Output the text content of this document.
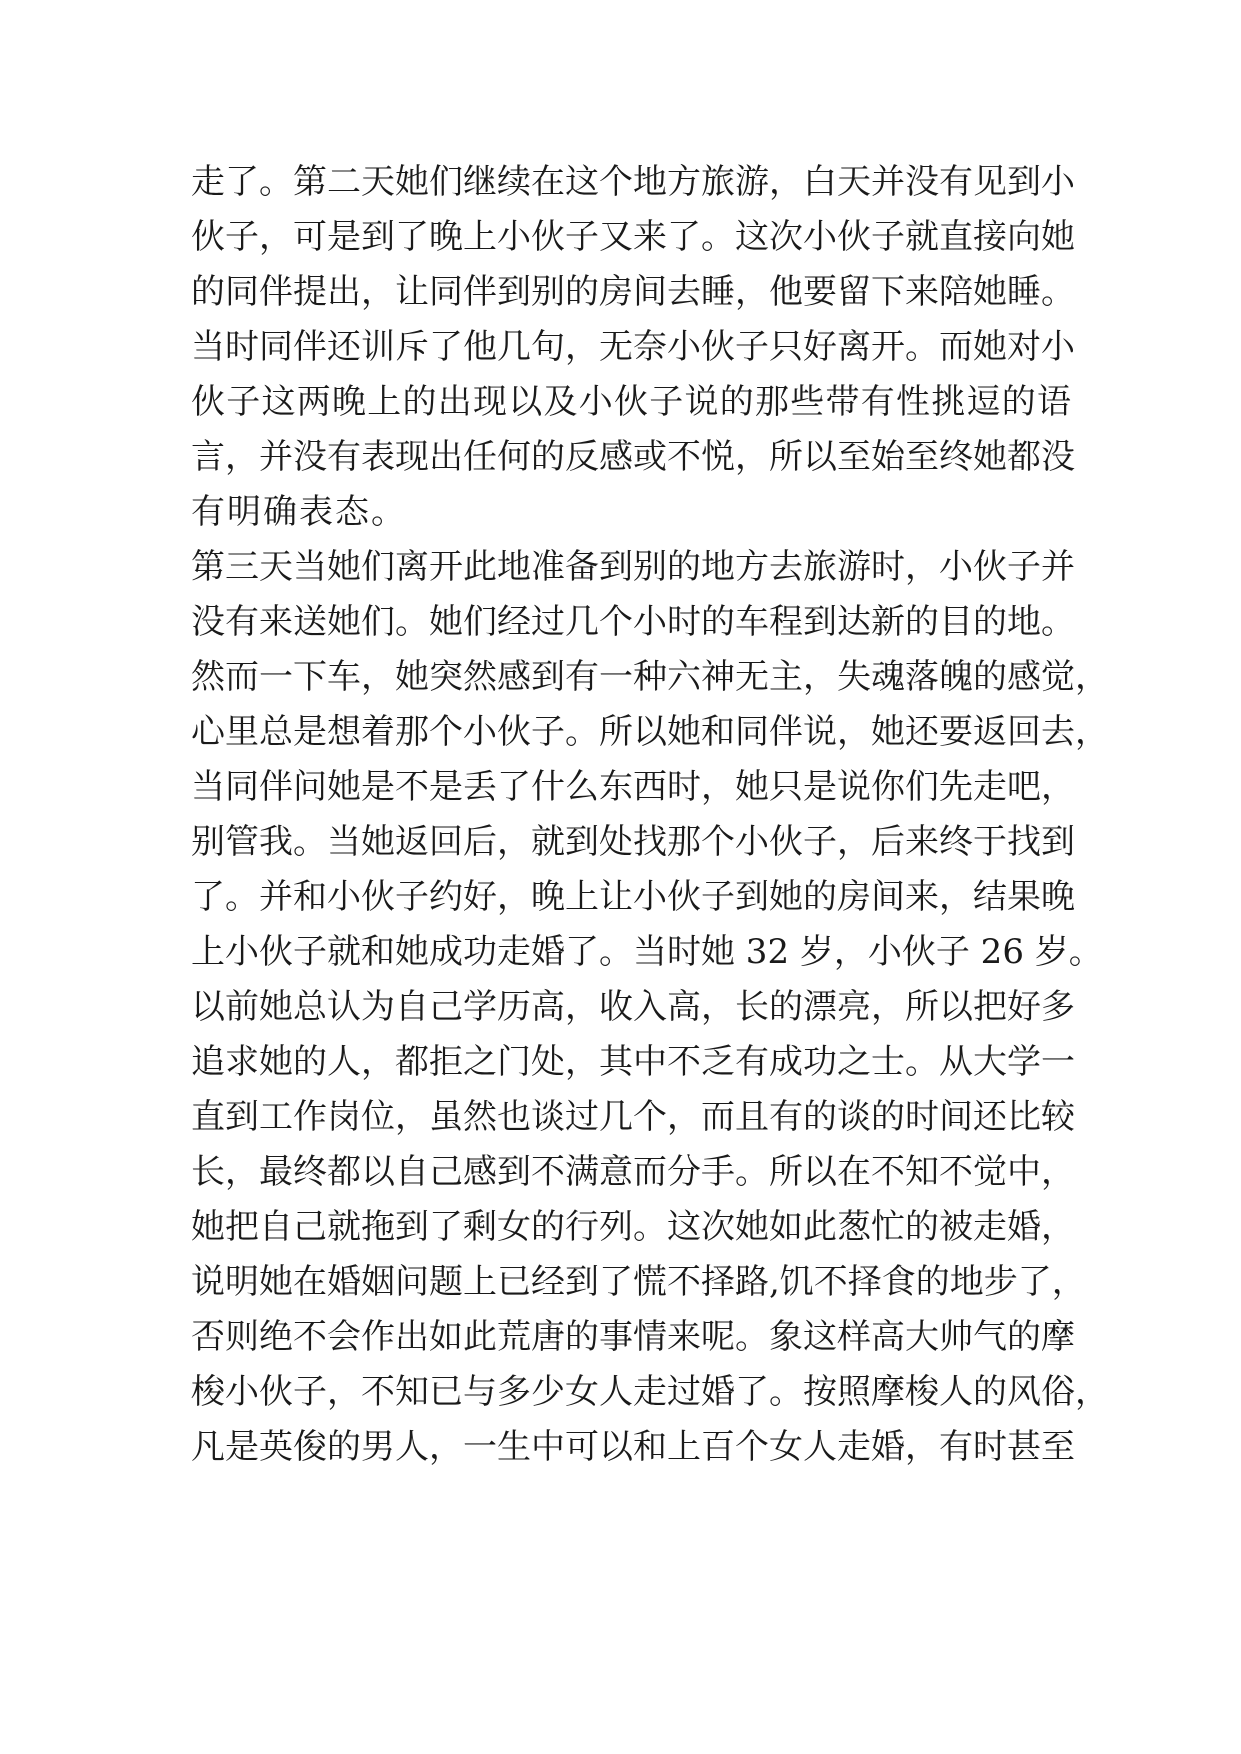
走了。第二天她们继续在这个地方旅游，白天并没有见到小
伙子，可是到了晚上小伙子又来了。这次小伙子就直接向她
的同伴提出，让同伴到别的房间去睡，他要留下来陪她睡。
当时同伴还训斥了他几句，无奈小伙子只好离开。而她对小
伙子这两晚上的出现以及小伙子说的那些带有性挑逗的语
言，并没有表现出任何的反感或不悦，所以至始至终她都没
有明确表态。
第三天当她们离开此地准备到别的地方去旅游时，小伙子并
没有来送她们。她们经过几个小时的车程到达新的目的地。
然而一下车，她突然感到有一种六神无主，失魂落魄的感觉，
心里总是想着那个小伙子。所以她和同伴说，她还要返回去，
当同伴问她是不是丢了什么东西时，她只是说你们先走吧，
别管我。当她返回后，就到处找那个小伙子，后来终于找到
了。并和小伙子约好，晚上让小伙子到她的房间来，结果晚
上小伙子就和她成功走婚了。当时她 32 岁，小伙子 26 岁。
以前她总认为自己学历高，收入高，长的漂亮，所以把好多
追求她的人，都拒之门处，其中不乏有成功之士。从大学一
直到工作岗位，虽然也谈过几个，而且有的谈的时间还比较
长，最终都以自己感到不满意而分手。所以在不知不觉中，
她把自己就拖到了剩女的行列。这次她如此葱忙的被走婚，
说明她在婚姻问题上已经到了慌不择路,饥不择食的地步了，
否则绝不会作出如此荒唐的事情来呢。象这样高大帅气的摩
梭小伙子，不知已与多少女人走过婚了。按照摩梭人的风俗，
凡是英俊的男人，一生中可以和上百个女人走婚，有时甚至
